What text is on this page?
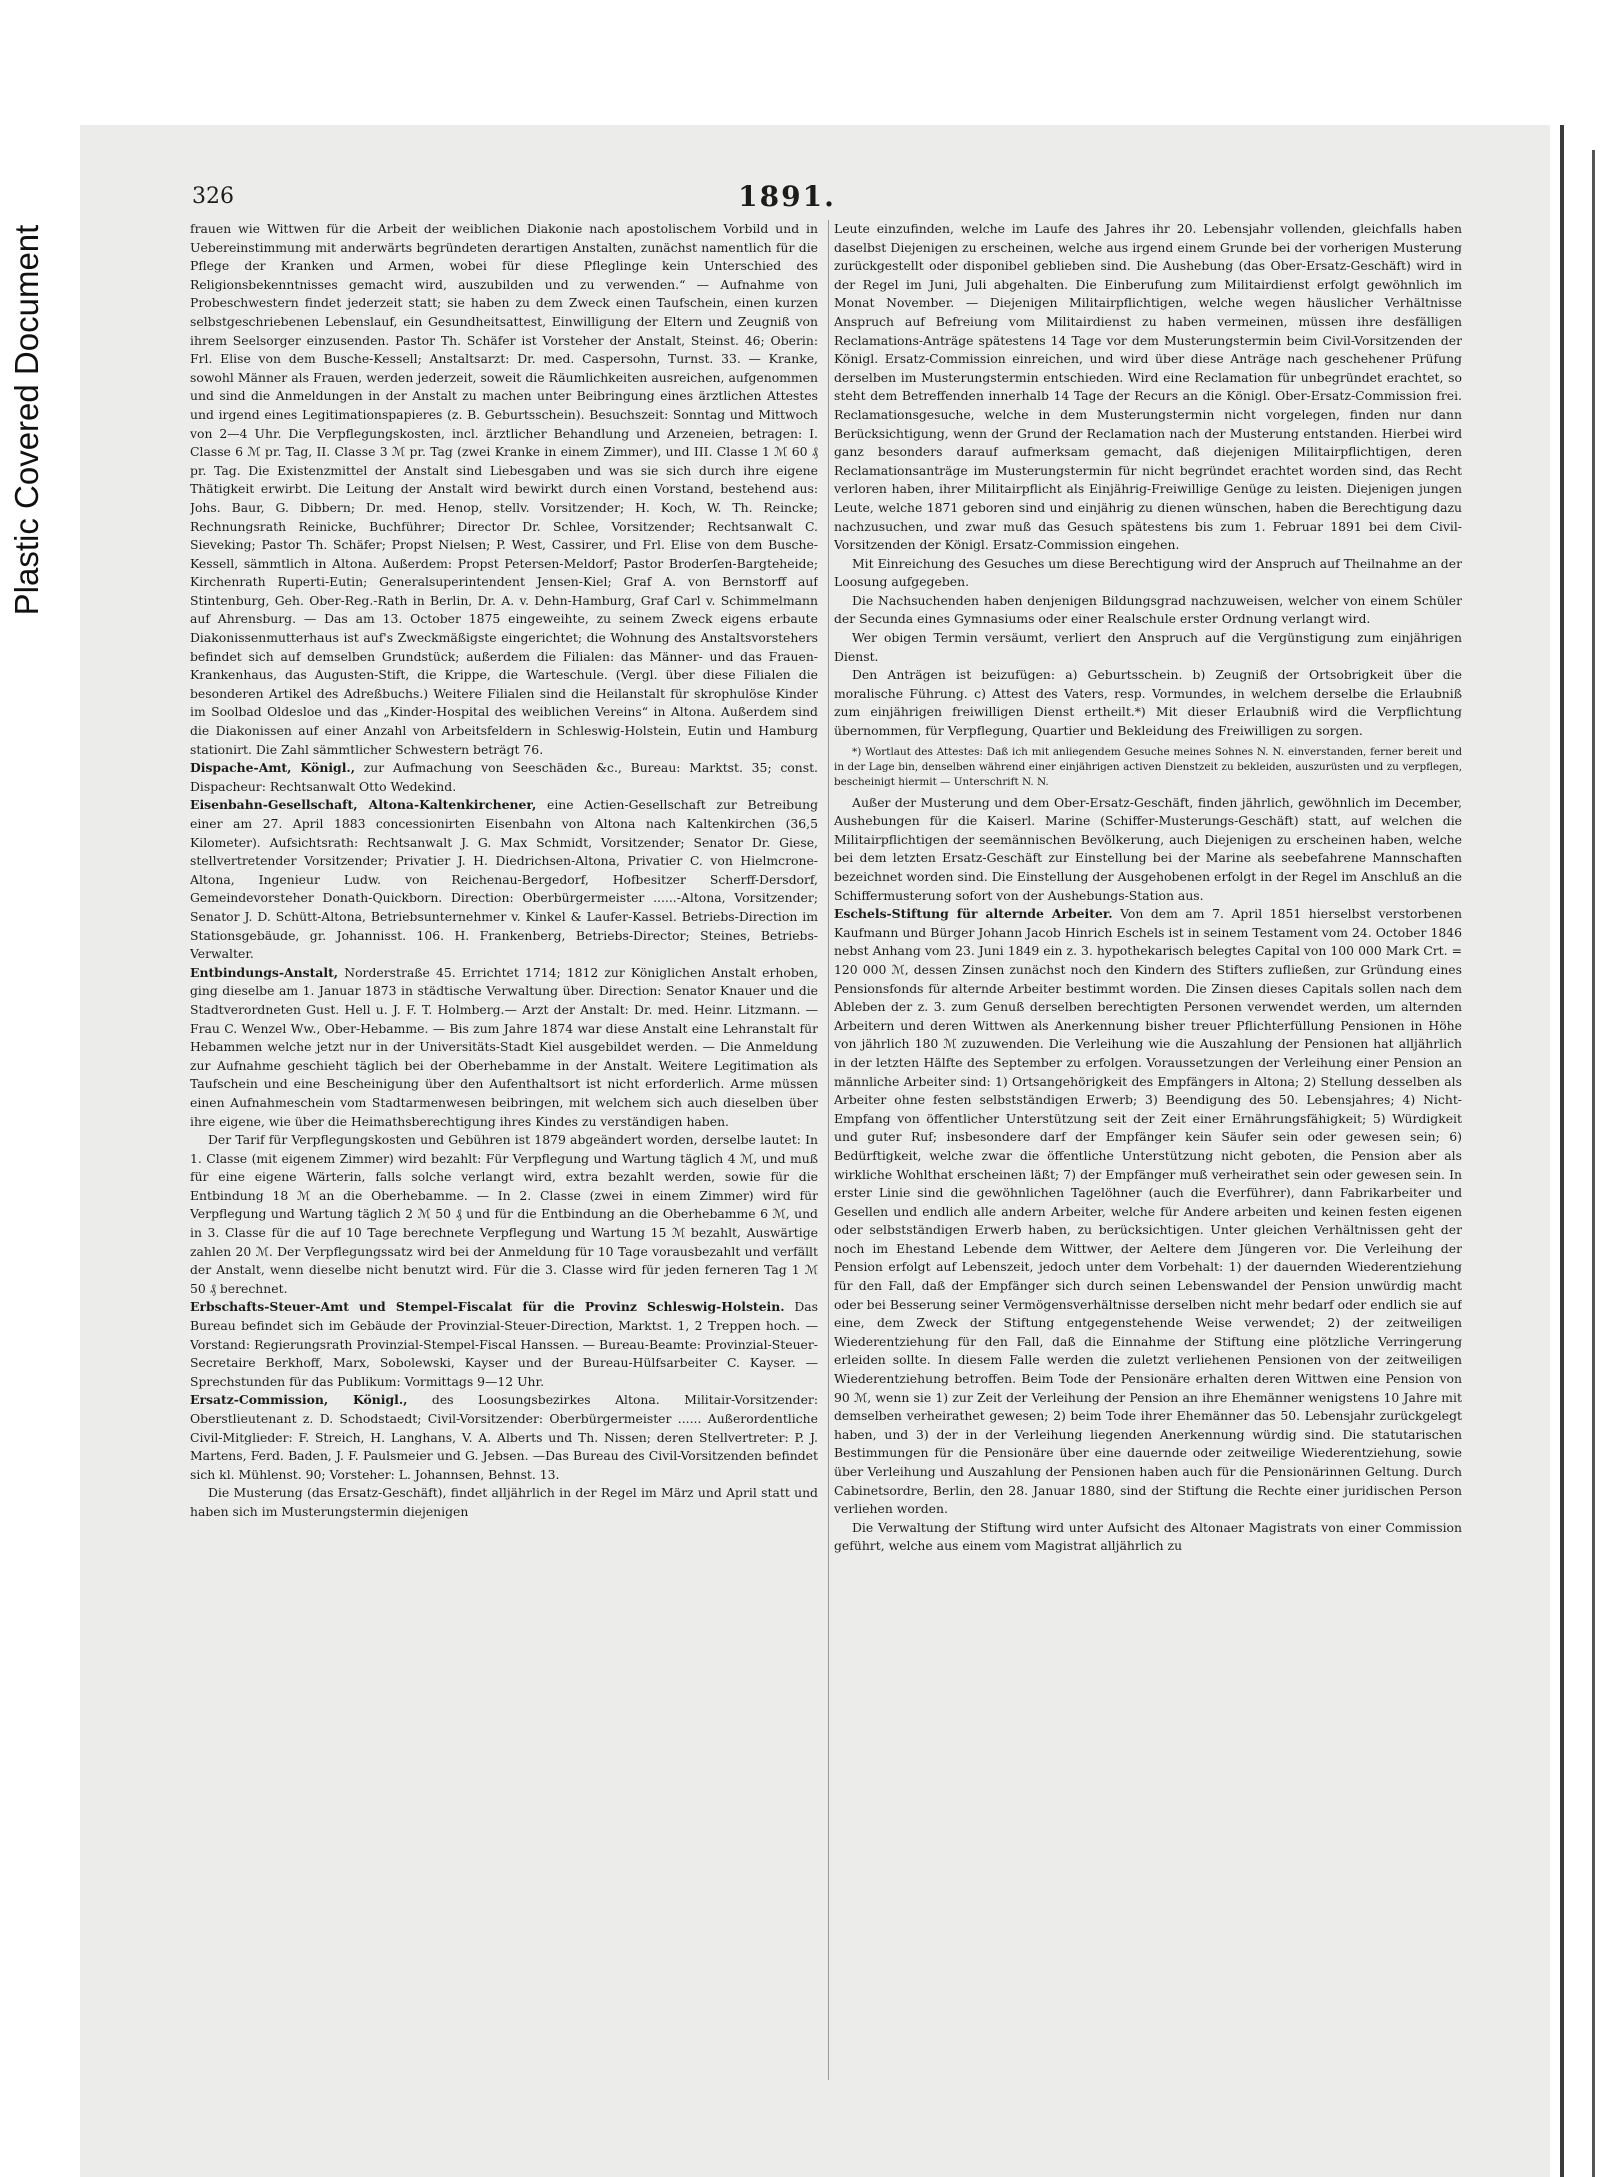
Plastic Covered Document
326	1891.

frauen wie Wittwen für die Arbeit der weiblichen Diakonie nach apostolischem Vorbild und in Uebereinstimmung mit anderwärts begründeten derartigen Anstalten, zunächst namentlich für die Pflege der Kranken und Armen, wobei für diese Pfleglinge kein Unterschied des Religionsbekenntnisses gemacht wird, auszubilden und zu verwenden.“ — Aufnahme von Probeschwestern findet jederzeit statt; sie haben zu dem Zweck einen Taufschein, einen kurzen selbstgeschriebenen Lebenslauf, ein Gesundheitsattest, Einwilligung der Eltern und Zeugniß von ihrem Seelsorger einzusenden. Pastor Th. Schäfer ist Vorsteher der Anstalt, Steinst. 46; Oberin: Frl. Elise von dem Busche-Kessell; Anstaltsarzt: Dr. med. Caspersohn, Turnst. 33. — Kranke, sowohl Männer als Frauen, werden jederzeit, soweit die Räumlichkeiten ausreichen, aufgenommen und sind die Anmeldungen in der Anstalt zu machen unter Beibringung eines ärztlichen Attestes und irgend eines Legitimationspapieres (z. B. Geburtsschein). Besuchszeit: Sonntag und Mittwoch von 2—4 Uhr. Die Verpflegungskosten, incl. ärztlicher Behandlung und Arzeneien, betragen: I. Classe 6 ℳ pr. Tag, II. Classe 3 ℳ pr. Tag (zwei Kranke in einem Zimmer), und III. Classe 1 ℳ 60 ₰ pr. Tag. Die Existenzmittel der Anstalt sind Liebesgaben und was sie sich durch ihre eigene Thätigkeit erwirbt. Die Leitung der Anstalt wird bewirkt durch einen Vorstand, bestehend aus: Johs. Baur, G. Dibbern; Dr. med. Henop, stellv. Vorsitzender; H. Koch, W. Th. Reincke; Rechnungsrath Reinicke, Buchführer; Director Dr. Schlee, Vorsitzender; Rechtsanwalt C. Sieveking; Pastor Th. Schäfer; Propst Nielsen; P. West, Cassirer, und Frl. Elise von dem Busche-Kessell, sämmtlich in Altona. Außerdem: Propst Petersen-Meldorf; Pastor Broderſen-Bargteheide; Kirchenrath Ruperti-Eutin; Generalsuperintendent Jensen-Kiel; Graf A. von Bernstorff auf Stintenburg, Geh. Ober-Reg.-Rath in Berlin, Dr. A. v. Dehn-Hamburg, Graf Carl v. Schimmelmann auf Ahrensburg. — Das am 13. October 1875 eingeweihte, zu seinem Zweck eigens erbaute Diakonissenmutterhaus ist auf's Zweckmäßigste eingerichtet; die Wohnung des Anstaltsvorstehers befindet sich auf demselben Grundstück; außerdem die Filialen: das Männer- und das Frauen-Krankenhaus, das Augusten-Stift, die Krippe, die Warteschule. (Vergl. über diese Filialen die besonderen Artikel des Adreßbuchs.) Weitere Filialen sind die Heilanstalt für skrophulöse Kinder im Soolbad Oldesloe und das „Kinder-Hospital des weiblichen Vereins“ in Altona. Außerdem sind die Diakonissen auf einer Anzahl von Arbeitsfeldern in Schleswig-Holstein, Eutin und Hamburg stationirt. Die Zahl sämmtlicher Schwestern beträgt 76.

Dispache-Amt, Königl., zur Aufmachung von Seeschäden &c., Bureau: Marktst. 35; const. Dispacheur: Rechtsanwalt Otto Wedekind.

Eisenbahn-Gesellschaft, Altona-Kaltenkirchener, eine Actien-Gesellschaft zur Betreibung einer am 27. April 1883 concessionirten Eisenbahn von Altona nach Kaltenkirchen (36,5 Kilometer). Aufsichtsrath: Rechtsanwalt J. G. Max Schmidt, Vorsitzender; Senator Dr. Giese, stellvertretender Vorsitzender; Privatier J. H. Diedrichsen-Altona, Privatier C. von Hielmcrone-Altona, Ingenieur Ludw. von Reichenau-Bergedorf, Hofbesitzer Scherff-Dersdorf, Gemeindevorsteher Donath-Quickborn. Direction: Oberbürgermeister ......-Altona, Vorsitzender; Senator J. D. Schütt-Altona, Betriebsunternehmer v. Kinkel & Laufer-Kassel. Betriebs-Direction im Stationsgebäude, gr. Johannisst. 106. H. Frankenberg, Betriebs-Director; Steines, Betriebs-Verwalter.

Entbindungs-Anstalt, Norderstraße 45. Errichtet 1714; 1812 zur Königlichen Anstalt erhoben, ging dieselbe am 1. Januar 1873 in städtische Verwaltung über. Direction: Senator Knauer und die Stadtverordneten Gust. Hell u. J. F. T. Holmberg.— Arzt der Anstalt: Dr. med. Heinr. Litzmann. — Frau C. Wenzel Ww., Ober-Hebamme. — Bis zum Jahre 1874 war diese Anstalt eine Lehranstalt für Hebammen welche jetzt nur in der Universitäts-Stadt Kiel ausgebildet werden. — Die Anmeldung zur Aufnahme geschieht täglich bei der Oberhebamme in der Anstalt. Weitere Legitimation als Taufschein und eine Bescheinigung über den Aufenthaltsort ist nicht erforderlich. Arme müssen einen Aufnahmeschein vom Stadtarmenwesen beibringen, mit welchem sich auch dieselben über ihre eigene, wie über die Heimathsberechtigung ihres Kindes zu verständigen haben.

Der Tarif für Verpflegungskosten und Gebühren ist 1879 abgeändert worden, derselbe lautet: In 1. Classe (mit eigenem Zimmer) wird bezahlt: Für Verpflegung und Wartung täglich 4 ℳ, und muß für eine eigene Wärterin, falls solche verlangt wird, extra bezahlt werden, sowie für die Entbindung 18 ℳ an die Oberhebamme. — In 2. Classe (zwei in einem Zimmer) wird für Verpflegung und Wartung täglich 2 ℳ 50 ₰ und für die Entbindung an die Oberhebamme 6 ℳ, und in 3. Classe für die auf 10 Tage berechnete Verpflegung und Wartung 15 ℳ bezahlt, Auswärtige zahlen 20 ℳ. Der Verpflegungssatz wird bei der Anmeldung für 10 Tage vorausbezahlt und verfällt der Anstalt, wenn dieselbe nicht benutzt wird. Für die 3. Classe wird für jeden ferneren Tag 1 ℳ 50 ₰ berechnet.

Erbschafts-Steuer-Amt und Stempel-Fiscalat für die Provinz Schleswig-Holstein. Das Bureau befindet sich im Gebäude der Provinzial-Steuer-Direction, Marktst. 1, 2 Treppen hoch. — Vorstand: Regierungsrath Provinzial-Stempel-Fiscal Hanssen. — Bureau-Beamte: Provinzial-Steuer-Secretaire Berkhoff, Marx, Sobolewski, Kayser und der Bureau-Hülfsarbeiter C. Kayser. — Sprechstunden für das Publikum: Vormittags 9—12 Uhr.

Ersatz-Commission, Königl., des Loosungsbezirkes Altona. Militair-Vorsitzender: Oberstlieutenant z. D. Schodstaedt; Civil-Vorsitzender: Oberbürgermeister ...... Außerordentliche Civil-Mitglieder: F. Streich, H. Langhans, V. A. Alberts und Th. Nissen; deren Stellvertreter: P. J. Martens, Ferd. Baden, J. F. Paulsmeier und G. Jebsen. —Das Bureau des Civil-Vorsitzenden befindet sich kl. Mühlenst. 90; Vorsteher: L. Johannsen, Behnst. 13.

Die Musterung (das Ersatz-Geschäft), findet alljährlich in der Regel im März und April statt und haben sich im Musterungstermin diejenigen

Leute einzufinden, welche im Laufe des Jahres ihr 20. Lebensjahr vollenden, gleichfalls haben daselbst Diejenigen zu erscheinen, welche aus irgend einem Grunde bei der vorherigen Musterung zurückgestellt oder disponibel geblieben sind. Die Aushebung (das Ober-Ersatz-Geschäft) wird in der Regel im Juni, Juli abgehalten. Die Einberufung zum Militairdienst erfolgt gewöhnlich im Monat November. — Diejenigen Militairpflichtigen, welche wegen häuslicher Verhältnisse Anspruch auf Befreiung vom Militairdienst zu haben vermeinen, müssen ihre desfälligen Reclamations-Anträge spätestens 14 Tage vor dem Musterungstermin beim Civil-Vorsitzenden der Königl. Ersatz-Commission einreichen, und wird über diese Anträge nach geschehener Prüfung derselben im Musterungstermin entschieden. Wird eine Reclamation für unbegründet erachtet, so steht dem Betreffenden innerhalb 14 Tage der Recurs an die Königl. Ober-Ersatz-Commission frei. Reclamationsgesuche, welche in dem Musterungstermin nicht vorgelegen, finden nur dann Berücksichtigung, wenn der Grund der Reclamation nach der Musterung entstanden. Hierbei wird ganz besonders darauf aufmerksam gemacht, daß diejenigen Militairpflichtigen, deren Reclamationsanträge im Musterungstermin für nicht begründet erachtet worden sind, das Recht verloren haben, ihrer Militairpflicht als Einjährig-Freiwillige Genüge zu leisten. Diejenigen jungen Leute, welche 1871 geboren sind und einjährig zu dienen wünschen, haben die Berechtigung dazu nachzusuchen, und zwar muß das Gesuch spätestens bis zum 1. Februar 1891 bei dem Civil-Vorsitzenden der Königl. Ersatz-Commission eingehen.

Mit Einreichung des Gesuches um diese Berechtigung wird der Anspruch auf Theilnahme an der Loosung aufgegeben.

Die Nachsuchenden haben denjenigen Bildungsgrad nachzuweisen, welcher von einem Schüler der Secunda eines Gymnasiums oder einer Realschule erster Ordnung verlangt wird.

Wer obigen Termin versäumt, verliert den Anspruch auf die Vergünstigung zum einjährigen Dienst.

Den Anträgen ist beizufügen: a) Geburtsschein. b) Zeugniß der Ortsobrigkeit über die moralische Führung. c) Attest des Vaters, resp. Vormundes, in welchem derselbe die Erlaubniß zum einjährigen freiwilligen Dienst ertheilt.*) Mit dieser Erlaubniß wird die Verpflichtung übernommen, für Verpflegung, Quartier und Bekleidung des Freiwilligen zu sorgen.

*) Wortlaut des Attestes: Daß ich mit anliegendem Gesuche meines Sohnes N. N. einverstanden, ferner bereit und in der Lage bin, denselben während einer einjährigen activen Dienstzeit zu bekleiden, auszurüsten und zu verpflegen, bescheinigt hiermit — Unterschrift N. N.

Außer der Musterung und dem Ober-Ersatz-Geschäft, finden jährlich, gewöhnlich im December, Aushebungen für die Kaiserl. Marine (Schiffer-Musterungs-Geschäft) statt, auf welchen die Militairpflichtigen der seemännischen Bevölkerung, auch Diejenigen zu erscheinen haben, welche bei dem letzten Ersatz-Geschäft zur Einstellung bei der Marine als seebefahrene Mannschaften bezeichnet worden sind. Die Einstellung der Ausgehobenen erfolgt in der Regel im Anschluß an die Schiffermusterung sofort von der Aushebungs-Station aus.

Eschels-Stiftung für alternde Arbeiter. Von dem am 7. April 1851 hierselbst verstorbenen Kaufmann und Bürger Johann Jacob Hinrich Eschels ist in seinem Testament vom 24. October 1846 nebst Anhang vom 23. Juni 1849 ein z. 3. hypothekarisch belegtes Capital von 100 000 Mark Crt. = 120 000 ℳ, dessen Zinsen zunächst noch den Kindern des Stifters zufließen, zur Gründung eines Pensionsfonds für alternde Arbeiter bestimmt worden. Die Zinsen dieses Capitals sollen nach dem Ableben der z. 3. zum Genuß derselben berechtigten Personen verwendet werden, um alternden Arbeitern und deren Wittwen als Anerkennung bisher treuer Pflichterfüllung Pensionen in Höhe von jährlich 180 ℳ zuzuwenden. Die Verleihung wie die Auszahlung der Pensionen hat alljährlich in der letzten Hälfte des September zu erfolgen. Voraussetzungen der Verleihung einer Pension an männliche Arbeiter sind: 1) Ortsangehörigkeit des Empfängers in Altona; 2) Stellung desselben als Arbeiter ohne festen selbstständigen Erwerb; 3) Beendigung des 50. Lebensjahres; 4) Nicht-Empfang von öffentlicher Unterstützung seit der Zeit einer Ernährungsfähigkeit; 5) Würdigkeit und guter Ruf; insbesondere darf der Empfänger kein Säufer sein oder gewesen sein; 6) Bedürftigkeit, welche zwar die öffentliche Unterstützung nicht geboten, die Pension aber als wirkliche Wohlthat erscheinen läßt; 7) der Empfänger muß verheirathet sein oder gewesen sein. In erster Linie sind die gewöhnlichen Tagelöhner (auch die Everführer), dann Fabrikarbeiter und Gesellen und endlich alle andern Arbeiter, welche für Andere arbeiten und keinen festen eigenen oder selbstständigen Erwerb haben, zu berücksichtigen. Unter gleichen Verhältnissen geht der noch im Ehestand Lebende dem Wittwer, der Aeltere dem Jüngeren vor. Die Verleihung der Pension erfolgt auf Lebenszeit, jedoch unter dem Vorbehalt: 1) der dauernden Wiederentziehung für den Fall, daß der Empfänger sich durch seinen Lebenswandel der Pension unwürdig macht oder bei Besserung seiner Vermögensverhältnisse derselben nicht mehr bedarf oder endlich sie auf eine, dem Zweck der Stiftung entgegenstehende Weise verwendet; 2) der zeitweiligen Wiederentziehung für den Fall, daß die Einnahme der Stiftung eine plötzliche Verringerung erleiden sollte. In diesem Falle werden die zuletzt verliehenen Pensionen von der zeitweiligen Wiederentziehung betroffen. Beim Tode der Pensionäre erhalten deren Wittwen eine Pension von 90 ℳ, wenn sie 1) zur Zeit der Verleihung der Pension an ihre Ehemänner wenigstens 10 Jahre mit demselben verheirathet gewesen; 2) beim Tode ihrer Ehemänner das 50. Lebensjahr zurückgelegt haben, und 3) der in der Verleihung liegenden Anerkennung würdig sind. Die statutarischen Bestimmungen für die Pensionäre über eine dauernde oder zeitweilige Wiederentziehung, sowie über Verleihung und Auszahlung der Pensionen haben auch für die Pensionärinnen Geltung. Durch Cabinetsordre, Berlin, den 28. Januar 1880, sind der Stiftung die Rechte einer juridischen Person verliehen worden.

Die Verwaltung der Stiftung wird unter Aufsicht des Altonaer Magistrats von einer Commission geführt, welche aus einem vom Magistrat alljährlich zu
